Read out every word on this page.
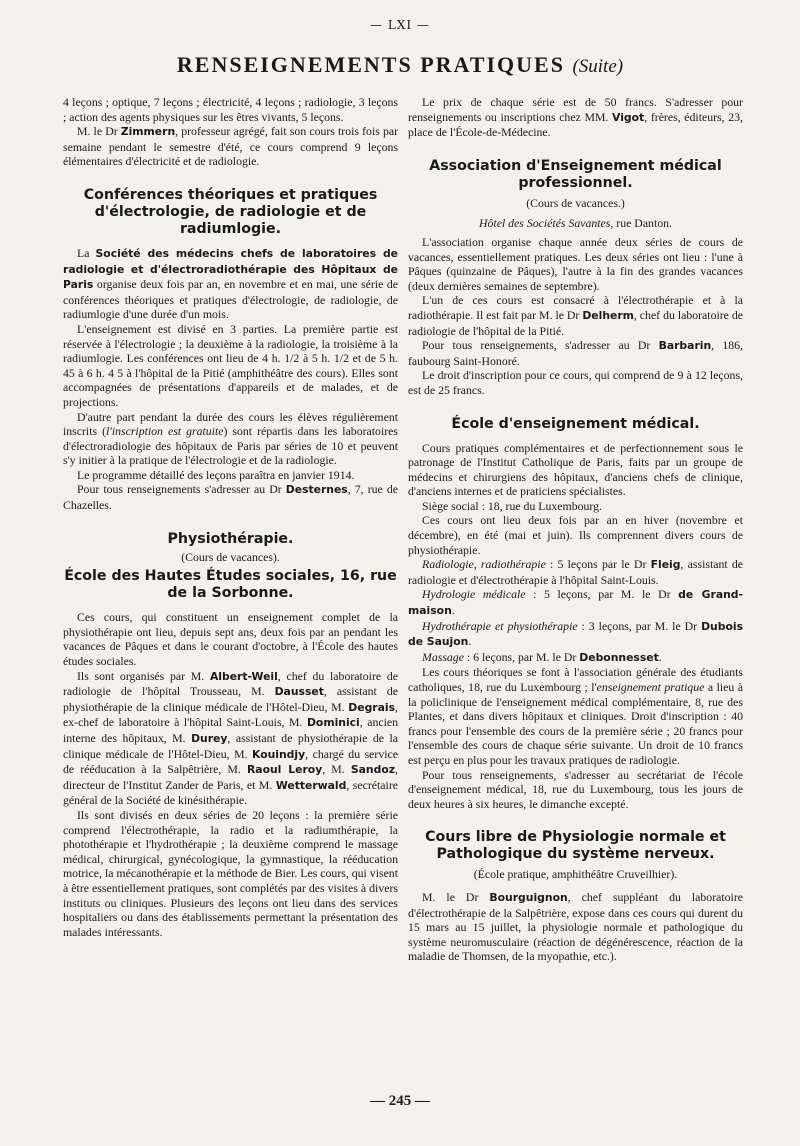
— LXI —
RENSEIGNEMENTS PRATIQUES (Suite)

4 leçons ; optique, 7 leçons ; électricité, 4 leçons ; radiologie, 3 leçons ; action des agents physiques sur les êtres vivants, 5 leçons.

M. le Dr Zimmern, professeur agrégé, fait son cours trois fois par semaine pendant le semestre d'été, ce cours comprend 9 leçons élémentaires d'électricité et de radiologie.

Conférences théoriques et pratiques d'électrologie, de radiologie et de radiumlogie.

La Société des médecins chefs de laboratoires de radiologie et d'électroradiothérapie des Hôpitaux de Paris organise deux fois par an, en novembre et en mai, une série de conférences théoriques et pratiques d'électrologie, de radiologie, de radiumlogie d'une durée d'un mois.

L'enseignement est divisé en 3 parties. La première partie est réservée à l'électrologie ; la deuxième à la radiologie, la troisième à la radiumlogie. Les conférences ont lieu de 4 h. 1/2 à 5 h. 1/2 et de 5 h. 45 à 6 h. 4 5 à l'hôpital de la Pitié (amphithéâtre des cours). Elles sont accompagnées de présentations d'appareils et de malades, et de projections.

D'autre part pendant la durée des cours les élèves régulièrement inscrits (l'inscription est gratuite) sont répartis dans les laboratoires d'électroradiologie des hôpitaux de Paris par séries de 10 et peuvent s'y initier à la pratique de l'électrologie et de la radiologie.

Le programme détaillé des leçons paraîtra en janvier 1914.

Pour tous renseignements s'adresser au Dr Desternes, 7, rue de Chazelles.

Physiothérapie.

(Cours de vacances).

École des Hautes Études sociales, 16, rue de la Sorbonne.

Ces cours, qui constituent un enseignement complet de la physiothérapie ont lieu, depuis sept ans, deux fois par an pendant les vacances de Pâques et dans le courant d'octobre, à l'École des hautes études sociales.

Ils sont organisés par M. Albert-Weil, chef du laboratoire de radiologie de l'hôpital Trousseau, M. Dausset, assistant de physiothérapie de la clinique médicale de l'Hôtel-Dieu, M. Degrais, ex-chef de laboratoire à l'hôpital Saint-Louis, M. Dominici, ancien interne des hôpitaux, M. Durey, assistant de physiothérapie de la clinique médicale de l'Hôtel-Dieu, M. Kouindjy, chargé du service de rééducation à la Salpêtrière, M. Raoul Leroy, M. Sandoz, directeur de l'Institut Zander de Paris, et M. Wetterwald, secrétaire général de la Société de kinésithérapie.

Ils sont divisés en deux séries de 20 leçons : la première série comprend l'électrothérapie, la radio et la radiumthérapie, la photothérapie et l'hydrothérapie ; la deuxième comprend le massage médical, chirurgical, gynécologique, la gymnastique, la rééducation motrice, la mécanothérapie et la méthode de Bier. Les cours, qui visent à être essentiellement pratiques, sont complétés par des visites à divers instituts ou cliniques. Plusieurs des leçons ont lieu dans des services hospitaliers ou dans des établissements permettant la présentation des malades intéressants.

Le prix de chaque série est de 50 francs. S'adresser pour renseignements ou inscriptions chez MM. Vigot, frères, éditeurs, 23, place de l'École-de-Médecine.

Association d'Enseignement médical professionnel.

(Cours de vacances.)

Hôtel des Sociétés Savantes, rue Danton.

L'association organise chaque année deux séries de cours de vacances, essentiellement pratiques. Les deux séries ont lieu : l'une à Pâques (quinzaine de Pâques), l'autre à la fin des grandes vacances (deux dernières semaines de septembre).

L'un de ces cours est consacré à l'électrothérapie et à la radiothérapie. Il est fait par M. le Dr Delherm, chef du laboratoire de radiologie de l'hôpital de la Pitié.

Pour tous renseignements, s'adresser au Dr Barbarin, 186, faubourg Saint-Honoré.

Le droit d'inscription pour ce cours, qui comprend de 9 à 12 leçons, est de 25 francs.

École d'enseignement médical.

Cours pratiques complémentaires et de perfectionnement sous le patronage de l'Institut Catholique de Paris, faits par un groupe de médecins et chirurgiens des hôpitaux, d'anciens chefs de clinique, d'anciens internes et de praticiens spécialistes.

Siège social : 18, rue du Luxembourg.

Ces cours ont lieu deux fois par an en hiver (novembre et décembre), en été (mai et juin). Ils comprennent divers cours de physiothérapie.

Radiologie, radiothérapie : 5 leçons par le Dr Fleig, assistant de radiologie et d'électrothérapie à l'hôpital Saint-Louis.

Hydrologie médicale : 5 leçons, par M. le Dr de Grand-maison.

Hydrothérapie et physiothérapie : 3 leçons, par M. le Dr Dubois de Saujon.

Massage : 6 leçons, par M. le Dr Debonnesset.

Les cours théoriques se font à l'association générale des étudiants catholiques, 18, rue du Luxembourg ; l'enseignement pratique a lieu à la policlinique de l'enseignement médical complémentaire, 8, rue des Plantes, et dans divers hôpitaux et cliniques. Droit d'inscription : 40 francs pour l'ensemble des cours de la première série ; 20 francs pour l'ensemble des cours de chaque série suivante. Un droit de 10 francs est perçu en plus pour les travaux pratiques de radiologie.

Pour tous renseignements, s'adresser au secrétariat de l'école d'enseignement médical, 18, rue du Luxembourg, tous les jours de deux heures à six heures, le dimanche excepté.

Cours libre de Physiologie normale et Pathologique du système nerveux.

(École pratique, amphithéâtre Cruveilhier).

M. le Dr Bourguignon, chef suppléant du laboratoire d'électrothérapie de la Salpêtrière, expose dans ces cours qui durent du 15 mars au 15 juillet, la physiologie normale et pathologique du système neuromusculaire (réaction de dégénérescence, réaction de la maladie de Thomsen, de la myopathie, etc.).

— 245 —
